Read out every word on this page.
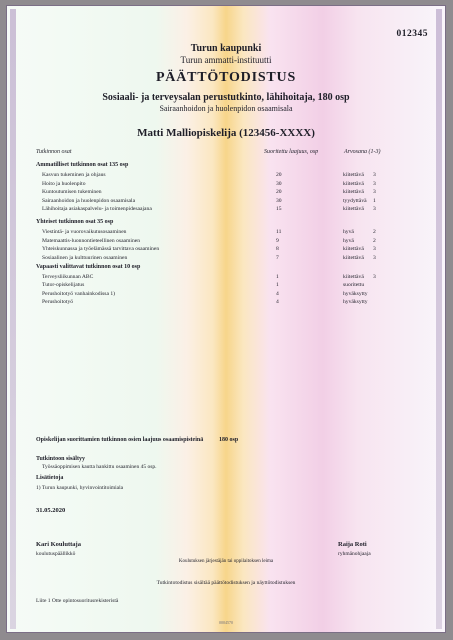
012345
Turun kaupunki
Turun ammatti-instituutti
PÄÄTTÖTODISTUS
Sosiaali- ja terveysalan perustutkinto, lähihoitaja, 180 osp
Sairaanhoidon ja huolenpidon osaamisala
Matti Malliopiskelija (123456-XXXX)
Tutkinnon osat	Suoritettu laajuus, osp	Arvosana (1-3)
Ammatilliset tutkinnon osat 135 osp
Kasvun tukeminen ja ohjaus	20	kiitettävä 3
Hoito ja huolenpito	30	kiitettävä 3
Kuntoutumisen tukeminen	20	kiitettävä 3
Sairaanhoidon ja huolenpidon osaamisala	30	tyydyttävä 1
Lähihoitaja asiakaspalvelu- ja toimenpidesaajana	15	kiitettävä 3
Yhteiset tutkinnon osat 35 osp
Viestintä- ja vuorovaikutusosaaminen	11	hyvä	2
Matemaattis-luonnontieteellinen osaaminen	9	hyvä	2
Yhteiskunnassa ja työelämässä tarvittava osaaminen	8	kiitettävä 3
Sosiaalinen ja kulttuurinen osaaminen	7	kiitettävä 3
Vapaasti valittavat tutkinnon osat 10 osp
Terveysliikunnan ABC	1	kiitettävä 3
Tutor-opiskelijatus	1	suoritettu
Perushoitotyö vanhainkodissa 1)	4	hyväksytty
Perushoitotyö	4	hyväksytty
Opiskelijan suorittamien tutkinnon osien laajuus osaamispisteinä	180 osp
Tutkintoon sisältyy
Työssäoppimisen kautta hankittu osaaminen 45 osp.
Lisätietoja
1) Turun kaupunki, hyvinvointitoimiala
31.05.2020
Kari Kouluttaja
koulutuspäällikkö
Raija Roti
ryhmänohjaaja
Koulutuksen järjestäjän tai oppilaitoksen leima
Tutkintotodistus sisältää päättötodistuksen ja näyttötodistuksen
Liite 1 Otte opintosuoritusrekisteristä
0004570
